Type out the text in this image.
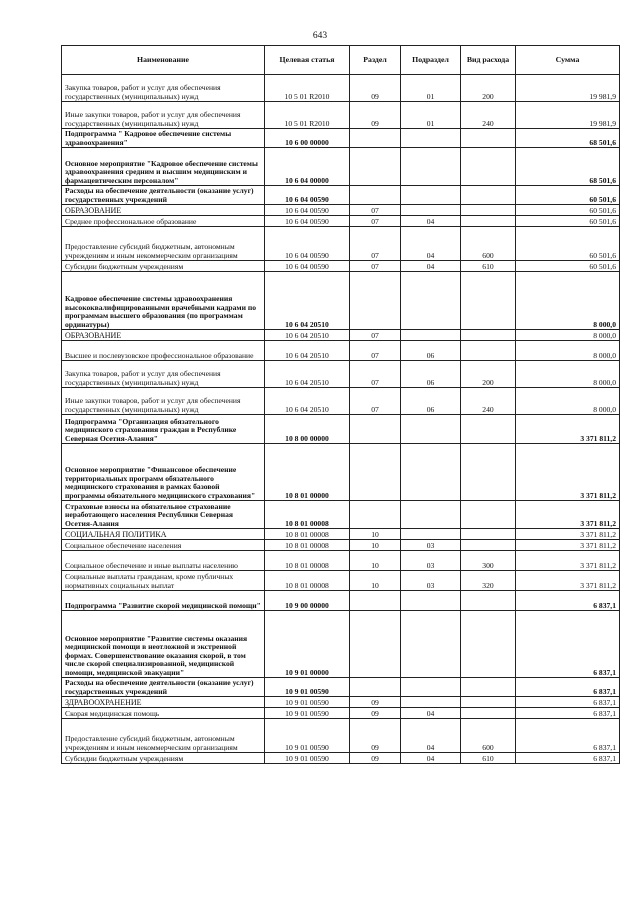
643
Наименование	Целевая статья	Раздел	Подраздел	Вид расхода	Сумма
Закупка товаров, работ и услуг для обеспечения государственных (муниципальных) нужд	10 5 01 R2010	09	01	200	19 981,9
Иные закупки товаров, работ и услуг для обеспечения государственных (муниципальных) нужд	10 5 01 R2010	09	01	240	19 981,9
Подпрограмма " Кадровое обеспечение системы здравоохранения"	10 6 00 00000				68 501,6
Основное мероприятие "Кадровое обеспечение системы здравоохранения средним и высшим медицинским и фармацевтическим персоналом"	10 6 04 00000				68 501,6
Расходы на обеспечение деятельности (оказание услуг) государственных учреждений	10 6 04 00590				60 501,6
ОБРАЗОВАНИЕ	10 6 04 00590	07			60 501,6
Среднее профессиональное образование	10 6 04 00590	07	04		60 501,6
Предоставление субсидий бюджетным, автономным учреждениям и иным некоммерческим организациям	10 6 04 00590	07	04	600	60 501,6
Субсидии бюджетным учреждениям	10 6 04 00590	07	04	610	60 501,6
Кадровое обеспечение системы здравоохранения высококвалифицированными врачебными кадрами по программам высшего образования (по программам ординатуры)	10 6 04 20510				8 000,0
ОБРАЗОВАНИЕ	10 6 04 20510	07			8 000,0
Высшее и послевузовское профессиональное образование	10 6 04 20510	07	06		8 000,0
Закупка товаров, работ и услуг для обеспечения государственных (муниципальных) нужд	10 6 04 20510	07	06	200	8 000,0
Иные закупки товаров, работ и услуг для обеспечения государственных (муниципальных) нужд	10 6 04 20510	07	06	240	8 000,0
Подпрограмма "Организация обязательного медицинского страхования граждан в Республике Северная Осетия-Алания"	10 8 00 00000				3 371 811,2
Основное мероприятие "Финансовое обеспечение территориальных программ обязательного медицинского страхования в рамках базовой программы обязательного медицинского страхования"	10 8 01 00000				3 371 811,2
Страховые взносы на обязательное страхование неработающего населения Республики Северная Осетия-Алания	10 8 01 00008				3 371 811,2
СОЦИАЛЬНАЯ ПОЛИТИКА	10 8 01 00008	10			3 371 811,2
Социальное обеспечение населения	10 8 01 00008	10	03		3 371 811,2
Социальное обеспечение и иные выплаты населению	10 8 01 00008	10	03	300	3 371 811,2
Социальные выплаты гражданам, кроме публичных нормативных социальных выплат	10 8 01 00008	10	03	320	3 371 811,2
Подпрограмма "Развитие скорой медицинской помощи"	10 9 00 00000				6 837,1
Основное мероприятие "Развитие системы оказания медицинской помощи в неотложной и экстренной формах. Совершенствование оказания скорой, в том числе скорой специализированной, медицинской помощи, медицинской эвакуации"	10 9 01 00000				6 837,1
Расходы на обеспечение деятельности (оказание услуг) государственных учреждений	10 9 01 00590				6 837,1
ЗДРАВООХРАНЕНИЕ	10 9 01 00590	09			6 837,1
Скорая медицинская помощь	10 9 01 00590	09	04		6 837,1
Предоставление субсидий бюджетным, автономным учреждениям и иным некоммерческим организациям	10 9 01 00590	09	04	600	6 837,1
Субсидии бюджетным учреждениям	10 9 01 00590	09	04	610	6 837,1
